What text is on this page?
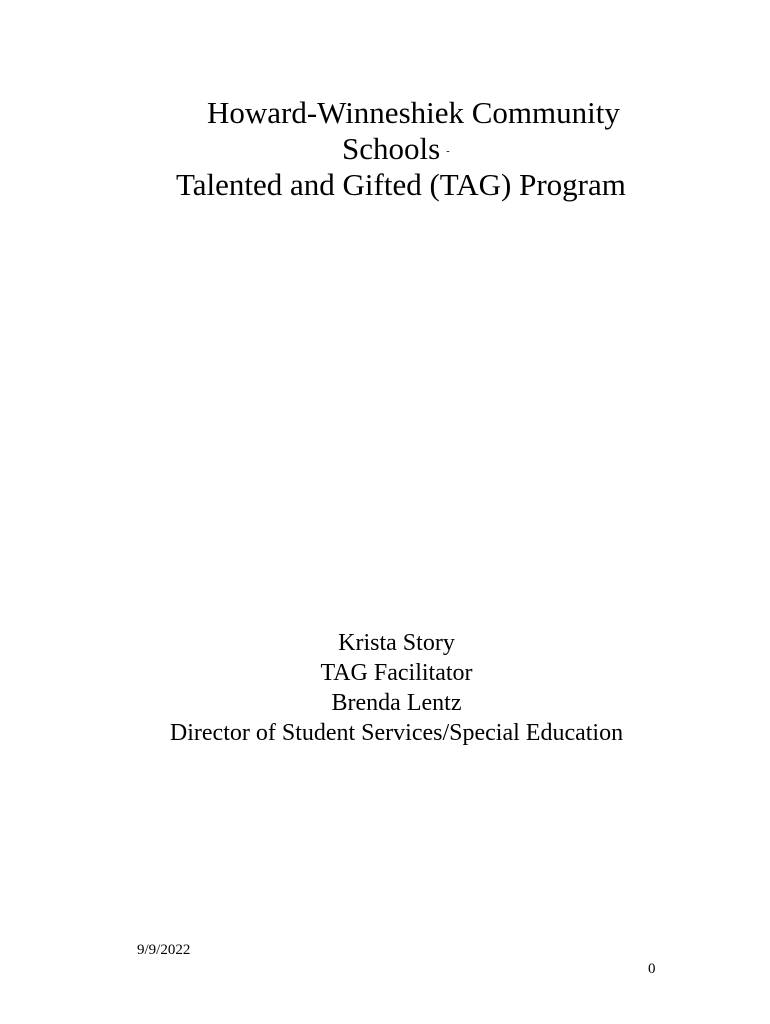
Howard-Winneshiek Community
Schools -
Talented and Gifted (TAG) Program
Krista Story
TAG Facilitator
Brenda Lentz
Director of Student Services/Special Education
9/9/2022
0
